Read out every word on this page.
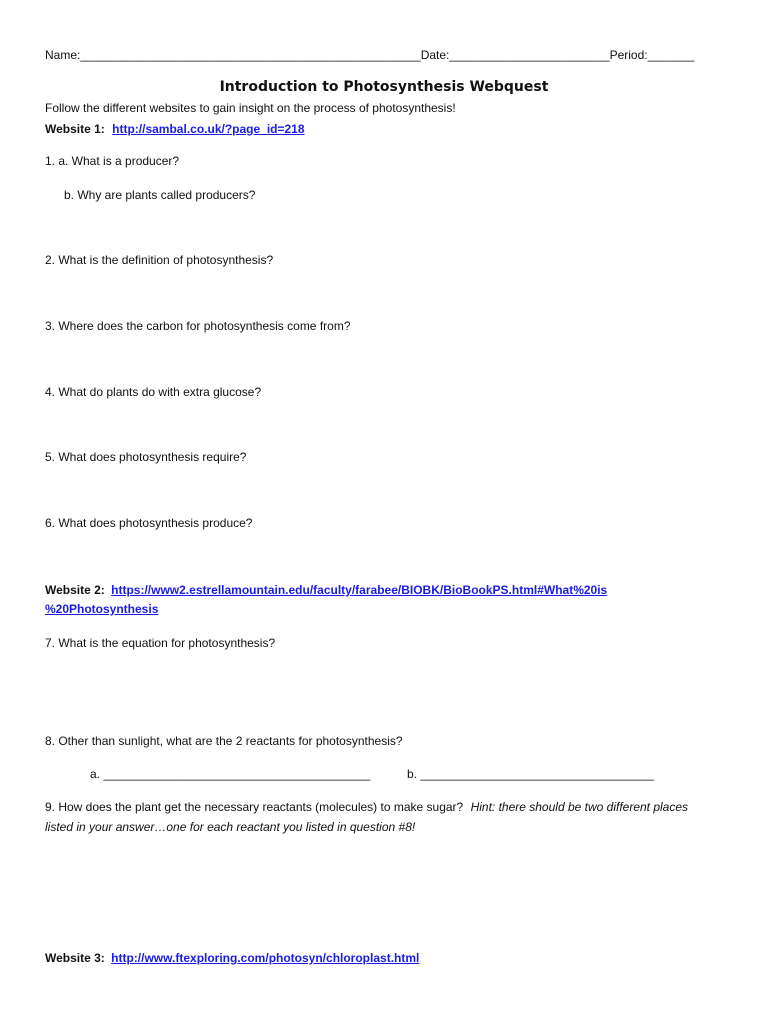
Name:___________________________________________________Date:________________________Period:_______
Introduction to Photosynthesis Webquest
Follow the different websites to gain insight on the process of photosynthesis!
Website 1: http://sambal.co.uk/?page_id=218
1. a. What is a producer?
b. Why are plants called producers?
2. What is the definition of photosynthesis?
3. Where does the carbon for photosynthesis come from?
4. What do plants do with extra glucose?
5. What does photosynthesis require?
6. What does photosynthesis produce?
Website 2: https://www2.estrellamountain.edu/faculty/farabee/BIOBK/BioBookPS.html#What%20is
%20Photosynthesis
7. What is the equation for photosynthesis?
8. Other than sunlight, what are the 2 reactants for photosynthesis?
a. ________________________________________	b. ___________________________________
9. How does the plant get the necessary reactants (molecules) to make sugar? Hint: there should be two different places
listed in your answer…one for each reactant you listed in question #8!
Website 3: http://www.ftexploring.com/photosyn/chloroplast.html
